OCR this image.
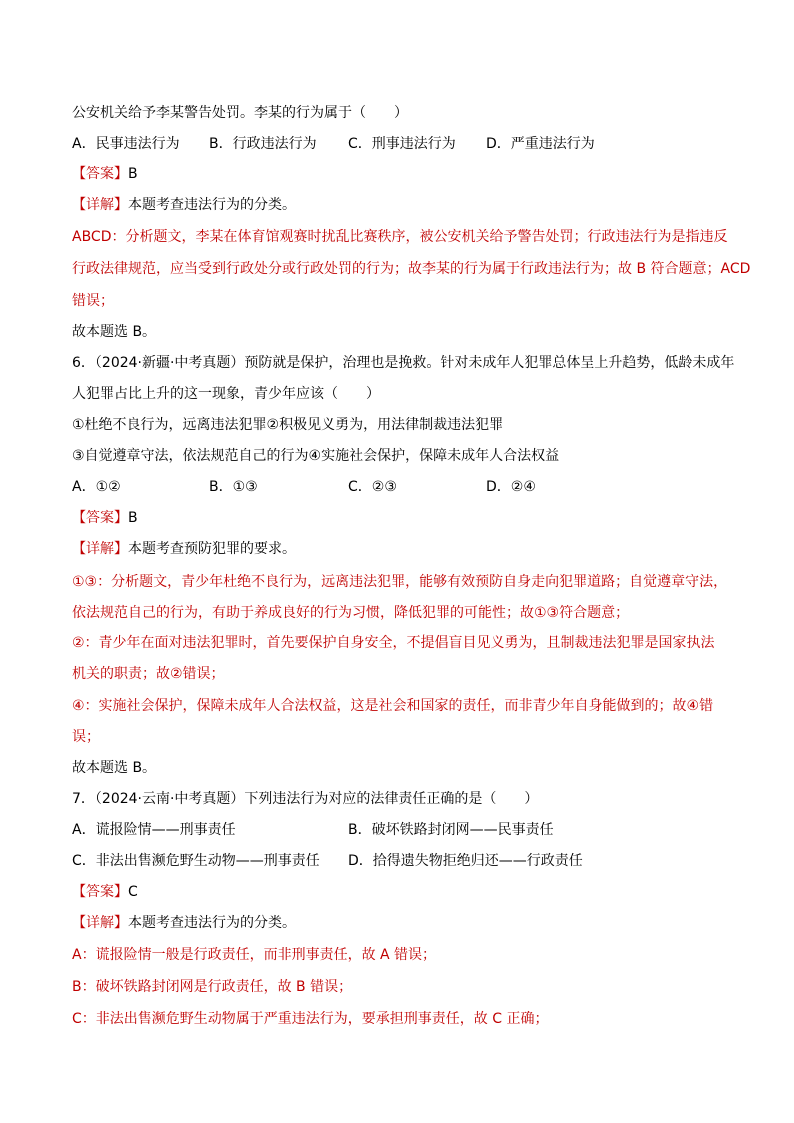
公安机关给予李某警告处罚。李某的行为属于（　　）
A．民事违法行为 B．行政违法行为 C．刑事违法行为 D．严重违法行为
【答案】B
【详解】本题考查违法行为的分类。
ABCD：分析题文，李某在体育馆观赛时扰乱比赛秩序，被公安机关给予警告处罚；行政违法行为是指违反
行政法律规范，应当受到行政处分或行政处罚的行为；故李某的行为属于行政违法行为；故 B 符合题意；ACD
错误；
故本题选 B。
6．（2024·新疆·中考真题）预防就是保护，治理也是挽救。针对未成年人犯罪总体呈上升趋势，低龄未成年
人犯罪占比上升的这一现象，青少年应该（　　）
①杜绝不良行为，远离违法犯罪②积极见义勇为，用法律制裁违法犯罪
③自觉遵章守法，依法规范自己的行为④实施社会保护，保障未成年人合法权益
A．①②	B．①③	C．②③	D．②④
【答案】B
【详解】本题考查预防犯罪的要求。
①③：分析题文，青少年杜绝不良行为，远离违法犯罪，能够有效预防自身走向犯罪道路；自觉遵章守法，
依法规范自己的行为，有助于养成良好的行为习惯，降低犯罪的可能性；故①③符合题意；
②：青少年在面对违法犯罪时，首先要保护自身安全，不提倡盲目见义勇为，且制裁违法犯罪是国家执法
机关的职责；故②错误；
④：实施社会保护，保障未成年人合法权益，这是社会和国家的责任，而非青少年自身能做到的；故④错
误；
故本题选 B。
7．（2024·云南·中考真题）下列违法行为对应的法律责任正确的是（　　）
A．谎报险情——刑事责任	B．破坏铁路封闭网——民事责任
C．非法出售濒危野生动物——刑事责任 D．拾得遗失物拒绝归还——行政责任
【答案】C
【详解】本题考查违法行为的分类。
A：谎报险情一般是行政责任，而非刑事责任，故 A 错误；
B：破坏铁路封闭网是行政责任，故 B 错误；
C：非法出售濒危野生动物属于严重违法行为，要承担刑事责任，故 C 正确；
